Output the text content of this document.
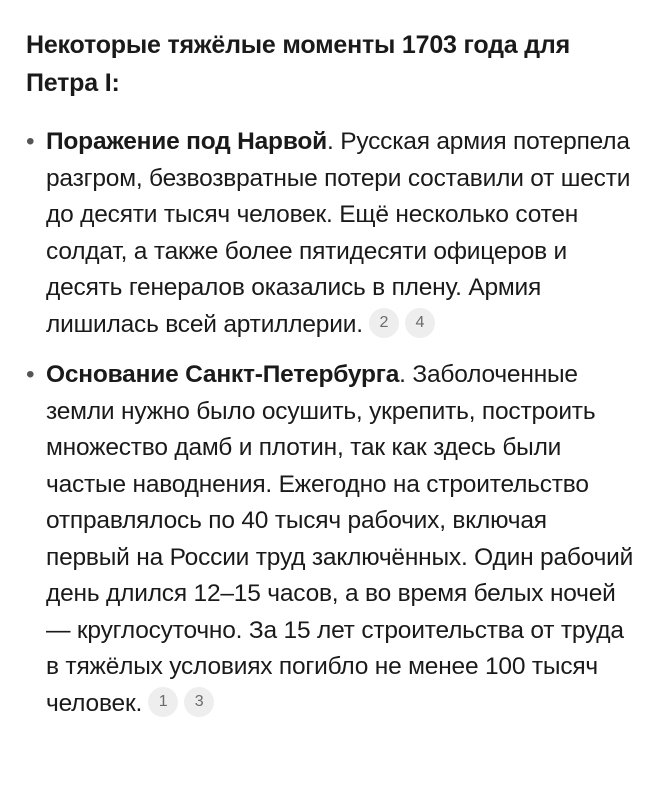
Некоторые тяжёлые моменты 1703 года для Петра I:
• Поражение под Нарвой. Русская армия потерпела разгром, безвозвратные потери составили от шести до десяти тысяч человек. Ещё несколько сотен солдат, а также более пятидесяти офицеров и десять генералов оказались в плену. Армия лишилась всей артиллерии.	2	4
• Основание Санкт-Петербурга. Заболоченные земли нужно было осушить, укрепить, построить множество дамб и плотин, так как здесь были частые наводнения. Ежегодно на строительство отправлялось по 40 тысяч рабочих, включая первый на России труд заключённых. Один рабочий день длился 12–15 часов, а во время белых ночей — круглосуточно. За 15 лет строительства от труда в тяжёлых условиях погибло не менее 100 тысяч человек.	1	3
